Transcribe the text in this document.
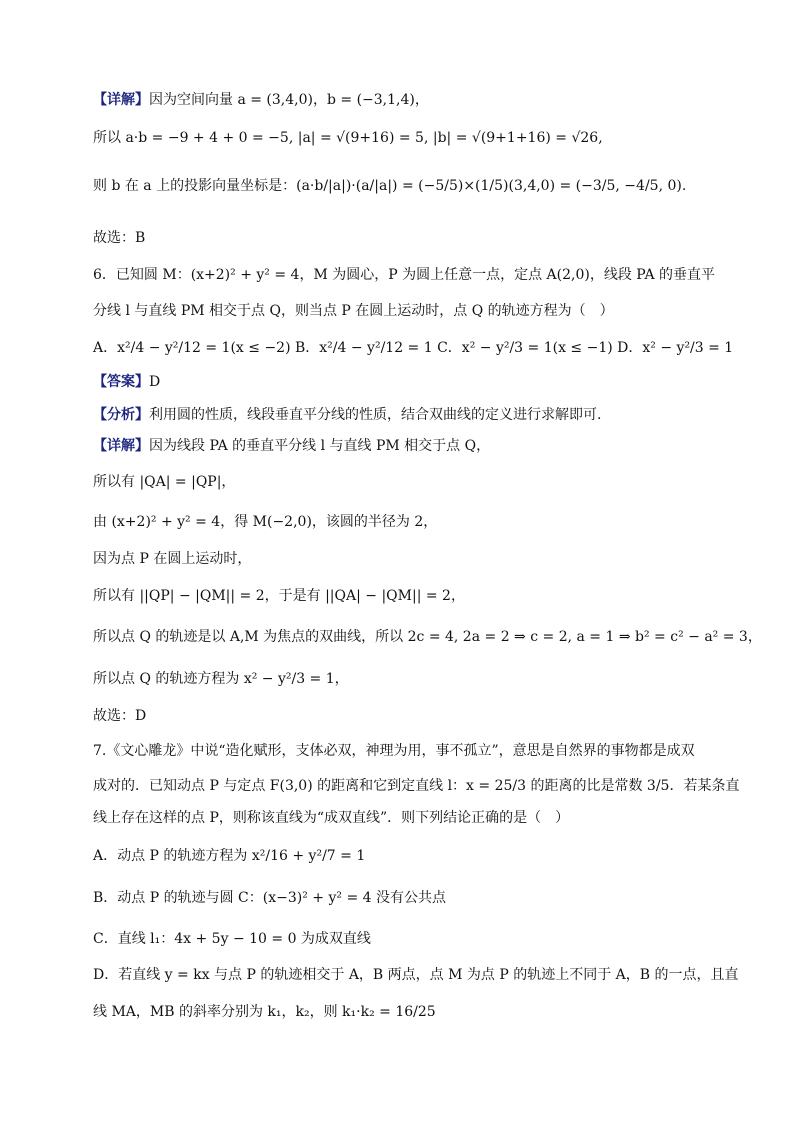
【详解】因为空间向量 a = (3,4,0)，b = (−3,1,4)，
所以 a·b = −9 + 4 + 0 = −5, |a| = √(9+16) = 5, |b| = √(9+1+16) = √26,
则 b 在 a 上的投影向量坐标是：(a·b/|a|)·(a/|a|) = (−5/5)×(1/5)(3,4,0) = (−3/5, −4/5, 0).
故选：B
6．已知圆 M：(x+2)² + y² = 4，M 为圆心，P 为圆上任意一点，定点 A(2,0)，线段 PA 的垂直平
分线 l 与直线 PM 相交于点 Q，则当点 P 在圆上运动时，点 Q 的轨迹方程为（　）
A．x²/4 − y²/12 = 1(x ≤ −2) B．x²/4 − y²/12 = 1 C．x² − y²/3 = 1(x ≤ −1) D．x² − y²/3 = 1
【答案】D
【分析】利用圆的性质，线段垂直平分线的性质，结合双曲线的定义进行求解即可.
【详解】因为线段 PA 的垂直平分线 l 与直线 PM 相交于点 Q，
所以有 |QA| = |QP|，
由 (x+2)² + y² = 4，得 M(−2,0)，该圆的半径为 2，
因为点 P 在圆上运动时，
所以有 ||QP| − |QM|| = 2，于是有 ||QA| − |QM|| = 2，
所以点 Q 的轨迹是以 A,M 为焦点的双曲线，所以 2c = 4, 2a = 2 ⇒ c = 2, a = 1 ⇒ b² = c² − a² = 3，
所以点 Q 的轨迹方程为 x² − y²/3 = 1，
故选：D
7.《文心雕龙》中说“造化赋形，支体必双，神理为用，事不孤立”，意思是自然界的事物都是成双
成对的．已知动点 P 与定点 F(3,0) 的距离和它到定直线 l：x = 25/3 的距离的比是常数 3/5．若某条直
线上存在这样的点 P，则称该直线为“成双直线”．则下列结论正确的是（　）
A．动点 P 的轨迹方程为 x²/16 + y²/7 = 1
B．动点 P 的轨迹与圆 C：(x−3)² + y² = 4 没有公共点
C．直线 l₁：4x + 5y − 10 = 0 为成双直线
D．若直线 y = kx 与点 P 的轨迹相交于 A，B 两点，点 M 为点 P 的轨迹上不同于 A，B 的一点，且直
线 MA，MB 的斜率分别为 k₁，k₂，则 k₁·k₂ = 16/25
